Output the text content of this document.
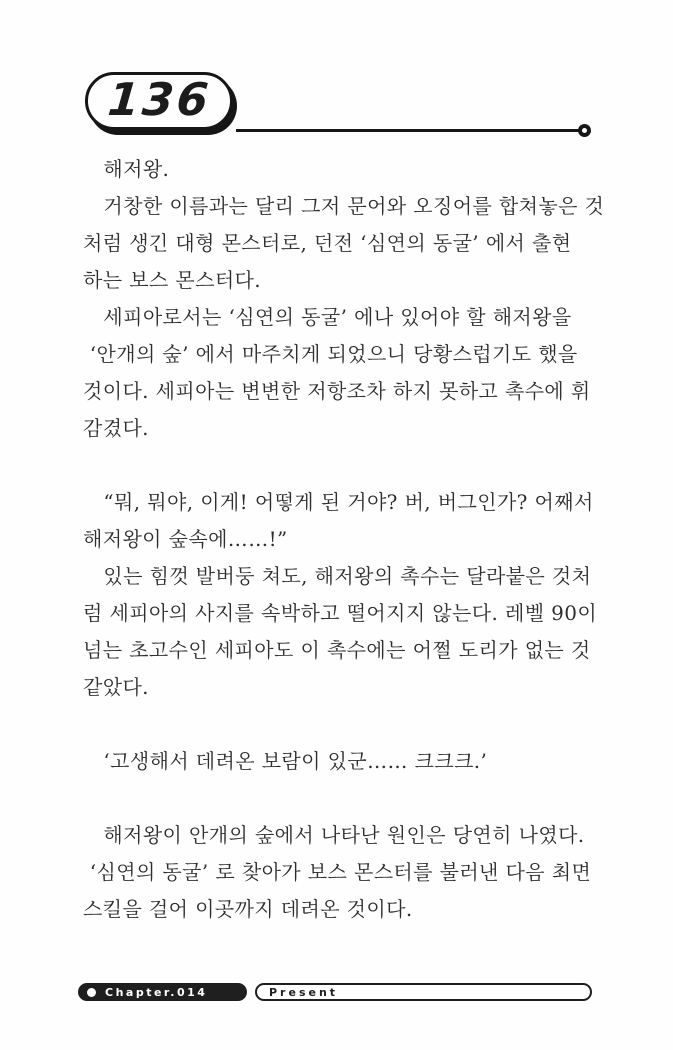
136
　해저왕.
　거창한 이름과는 달리 그저 문어와 오징어를 합쳐놓은 것
처럼 생긴 대형 몬스터로, 던전 ‘심연의 동굴’ 에서 출현
하는 보스 몬스터다.
　세피아로서는 ‘심연의 동굴’ 에나 있어야 할 해저왕을
‘안개의 숲’ 에서 마주치게 되었으니 당황스럽기도 했을
것이다. 세피아는 변변한 저항조차 하지 못하고 촉수에 휘
감겼다.
　“뭐, 뭐야, 이게! 어떻게 된 거야? 버, 버그인가? 어째서
해저왕이 숲속에……!”
　있는 힘껏 발버둥 쳐도, 해저왕의 촉수는 달라붙은 것처
럼 세피아의 사지를 속박하고 떨어지지 않는다. 레벨 90이
넘는 초고수인 세피아도 이 촉수에는 어쩔 도리가 없는 것
같았다.
　‘고생해서 데려온 보람이 있군…… 크크크.’
　해저왕이 안개의 숲에서 나타난 원인은 당연히 나였다.
‘심연의 동굴’ 로 찾아가 보스 몬스터를 불러낸 다음 최면
스킬을 걸어 이곳까지 데려온 것이다.
Chapter.014	Present
